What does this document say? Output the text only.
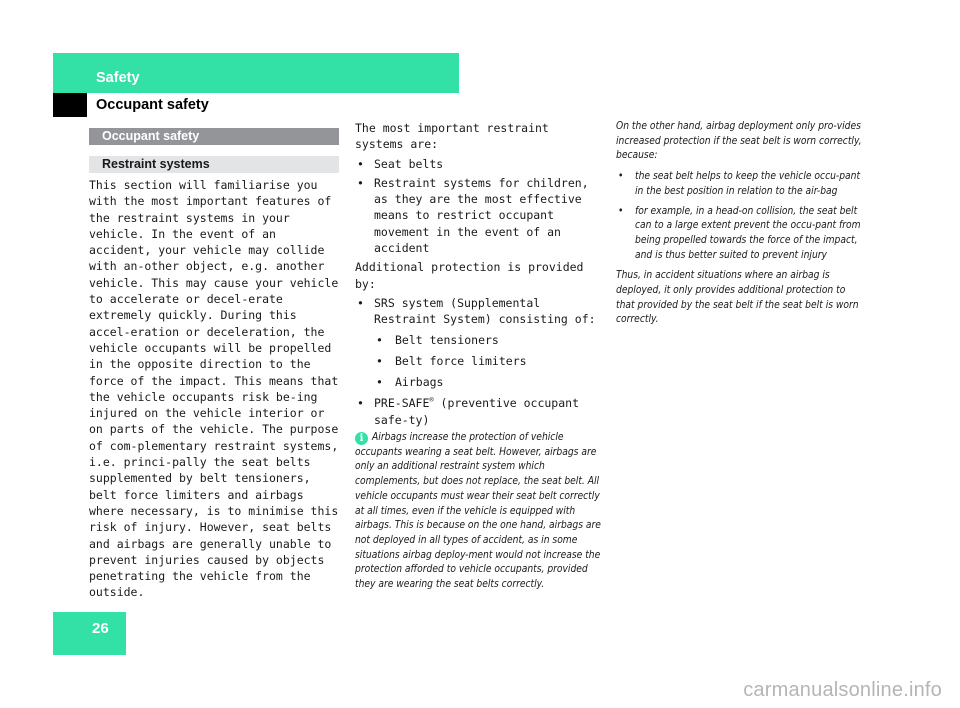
Safety
Occupant safety
Occupant safety
Restraint systems

This section will familiarise you with the most important features of the restraint systems in your vehicle. In the event of an accident, your vehicle may collide with an-other object, e.g. another vehicle. This may cause your vehicle to accelerate or decel-erate extremely quickly. During this accel-eration or deceleration, the vehicle occupants will be propelled in the opposite direction to the force of the impact. This means that the vehicle occupants risk be-ing injured on the vehicle interior or on parts of the vehicle. The purpose of com-plementary restraint systems, i.e. princi-pally the seat belts supplemented by belt tensioners, belt force limiters and airbags where necessary, is to minimise this risk of injury. However, seat belts and airbags are generally unable to prevent injuries caused by objects penetrating the vehicle from the outside.

The most important restraint systems are:

• Seat belts
• Restraint systems for children, as they are the most effective means to restrict occupant movement in the event of an accident

Additional protection is provided by:

• SRS system (Supplemental Restraint System) consisting of:
• Belt tensioners
• Belt force limiters
• Airbags
• PRE-SAFE® (preventive occupant safe-ty)

i Airbags increase the protection of vehicle occupants wearing a seat belt. However, airbags are only an additional restraint system which complements, but does not replace, the seat belt. All vehicle occupants must wear their seat belt correctly at all times, even if the vehicle is equipped with airbags. This is because on the one hand, airbags are not deployed in all types of accident, as in some situations airbag deploy-ment would not increase the protection afforded to vehicle occupants, provided they are wearing the seat belts correctly.

On the other hand, airbag deployment only pro-vides increased protection if the seat belt is worn correctly, because:

• the seat belt helps to keep the vehicle occu-pant in the best position in relation to the air-bag
• for example, in a head-on collision, the seat belt can to a large extent prevent the occu-pant from being propelled towards the force of the impact, and is thus better suited to prevent injury

Thus, in accident situations where an airbag is deployed, it only provides additional protection to that provided by the seat belt if the seat belt is worn correctly.

26
carmanualsonline.info
